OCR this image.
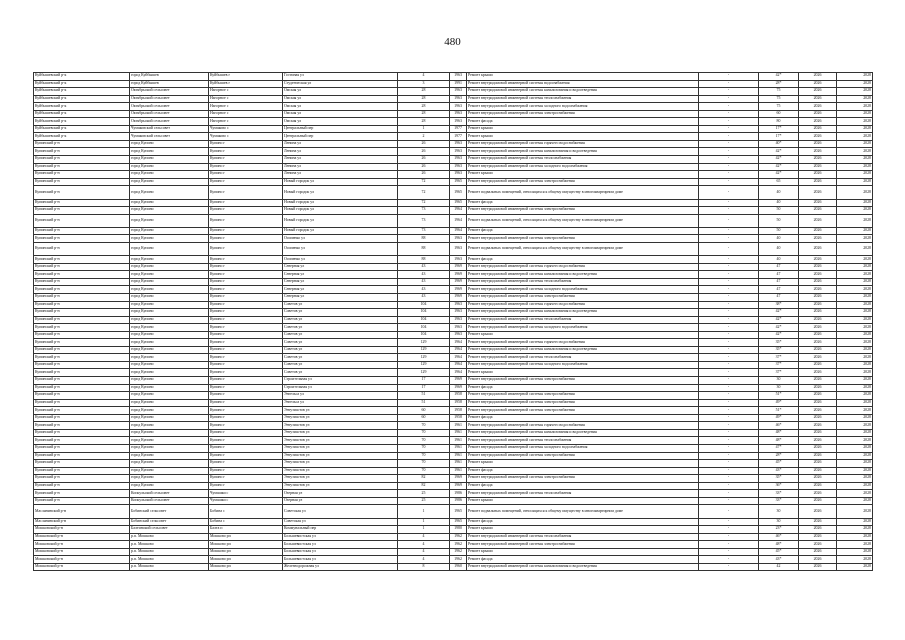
480
Куйбышевский р-к	город Куйбышев	Куйбышев г	Гостиная ул	4	1963	Ремонт крыши	-	42*	2026	2028
Куйбышевский р-к	город Куйбышев	Куйбышев г	Студенческая ул	3	1991	Ремонт внутридомовой инженерной системы водоснабжения	-	28*	2026	2028
Куйбышевский р-к	Октябрьский сельсовет	Нагорное с	Омская ул	28	1963	Ремонт внутридомовой инженерной системы канализования и водоотведения	-	75	2026	2028
Куйбышевский р-к	Октябрьский сельсовет	Нагорное с	Омская ул	28	1963	Ремонт внутридомовой инженерной системы теплоснабжения	-	75	2026	2028
Куйбышевский р-к	Октябрьский сельсовет	Нагорное с	Омская ул	28	1963	Ремонт внутридомовой инженерной системы холодного водоснабжения	-	75	2026	2028
Куйбышевский р-к	Октябрьский сельсовет	Нагорное с	Омская ул	28	1963	Ремонт внутридомовой инженерной системы электроснабжения	-	60	2026	2028
Куйбышевский р-к	Октябрьский сельсовет	Нагорное с	Омская ул	28	1963	Ремонт фасада	-	80	2026	2028
Куйбышевский р-к	Чумаковский сельсовет	Чумаково с	Центральный пер	1	1977	Ремонт крыши	-	17*	2026	2028
Куйбышевский р-к	Чумаковский сельсовет	Чумаково с	Центральный пер	2	1977	Ремонт крыши	-	17*	2026	2028
Купинский р-н	город Купино	Купино г	Ленина ул	26	1963	Ремонт внутридомовой инженерной системы горячего водоснабжения	-	40*	2026	2028
Купинский р-н	город Купино	Купино г	Ленина ул	26	1963	Ремонт внутридомовой инженерной системы канализования и водоотведения	-	42*	2026	2028
Купинский р-н	город Купино	Купино г	Ленина ул	26	1963	Ремонт внутридомовой инженерной системы теплоснабжения	-	42*	2026	2028
Купинский р-н	город Купино	Купино г	Ленина ул	26	1963	Ремонт внутридомовой инженерной системы холодного водоснабжения	-	42*	2026	2028
Купинский р-н	город Купино	Купино г	Ленина ул	26	1963	Ремонт крыши	-	42*	2026	2028
Купинский р-н	город Купино	Купино г	Новый городок ул	72	1965	Ремонт внутридомовой инженерной системы электроснабжения	-	65	2026	2028
Купинский р-н	город Купино	Купино г	Новый городок ул	72	1965	Ремонт подвальных помещений, относящихся к общему имуществу в многоквартирном доме	-	40	2026	2028
Купинский р-н	город Купино	Купино г	Новый городок ул	72	1965	Ремонт фасада	-	40	2026	2028
Купинский р-н	город Купино	Купино г	Новый городок ул	73	1964	Ремонт внутридомовой инженерной системы электроснабжения	-	50	2026	2028
Купинский р-н	город Купино	Купино г	Новый городок ул	73	1964	Ремонт подвальных помещений, относящихся к общему имуществу в многоквартирном доме	-	50	2026	2028
Купинский р-н	город Купино	Купино г	Новый городок ул	73	1964	Ремонт фасада	-	50	2026	2028
Купинский р-н	город Купино	Купино г	Осипенко ул	88	1963	Ремонт внутридомовой инженерной системы электроснабжения	-	40	2026	2028
Купинский р-н	город Купино	Купино г	Осипенко ул	88	1963	Ремонт подвальных помещений, относящихся к общему имуществу в многоквартирном доме	-	40	2026	2028
Купинский р-н	город Купино	Купино г	Осипенко ул	88	1963	Ремонт фасада	-	40	2026	2028
Купинский р-н	город Купино	Купино г	Северная ул	43	1969	Ремонт внутридомовой инженерной системы горячего водоснабжения	-	47	2026	2028
Купинский р-н	город Купино	Купино г	Северная ул	43	1969	Ремонт внутридомовой инженерной системы канализования и водоотведения	-	47	2026	2028
Купинский р-н	город Купино	Купино г	Северная ул	43	1969	Ремонт внутридомовой инженерной системы теплоснабжения	-	47	2026	2028
Купинский р-н	город Купино	Купино г	Северная ул	43	1969	Ремонт внутридомовой инженерной системы холодного водоснабжения	-	47	2026	2028
Купинский р-н	город Купино	Купино г	Северная ул	43	1969	Ремонт внутридомовой инженерной системы электроснабжения	-	47	2026	2028
Купинский р-н	город Купино	Купино г	Советов ул	104	1963	Ремонт внутридомовой инженерной системы горячего водоснабжения	-	38*	2026	2028
Купинский р-н	город Купино	Купино г	Советов ул	104	1963	Ремонт внутридомовой инженерной системы канализования и водоотведения	-	42*	2026	2028
Купинский р-н	город Купино	Купино г	Советов ул	104	1963	Ремонт внутридомовой инженерной системы теплоснабжения	-	42*	2026	2028
Купинский р-н	город Купино	Купино г	Советов ул	104	1963	Ремонт внутридомовой инженерной системы холодного водоснабжения	-	42*	2026	2028
Купинский р-н	город Купино	Купино г	Советов ул	104	1963	Ремонт крыши	-	42*	2026	2028
Купинский р-н	город Купино	Купино г	Советов ул	129	1964	Ремонт внутридомовой инженерной системы горячего водоснабжения	-	35*	2026	2028
Купинский р-н	город Купино	Купино г	Советов ул	129	1964	Ремонт внутридомовой инженерной системы канализования и водоотведения	-	35*	2026	2028
Купинский р-н	город Купино	Купино г	Советов ул	129	1964	Ремонт внутридомовой инженерной системы теплоснабжения	-	37*	2026	2028
Купинский р-н	город Купино	Купино г	Советов ул	129	1964	Ремонт внутридомовой инженерной системы холодного водоснабжения	-	37*	2026	2028
Купинский р-н	город Купино	Купино г	Советов ул	129	1964	Ремонт крыши	-	37*	2026	2028
Купинский р-н	город Купино	Купино г	Строительная ул	17	1969	Ремонт внутридомовой инженерной системы электроснабжения	-	30	2026	2028
Купинский р-н	город Купино	Купино г	Строительная ул	17	1969	Ремонт фасада	-	30	2026	2028
Купинский р-н	город Купино	Купино г	Энгельса ул	51	1958	Ремонт внутридомовой инженерной системы электроснабжения	-	51*	2026	2028
Купинский р-н	город Купино	Купино г	Энгельса ул	51	1958	Ремонт внутридомовой инженерной системы электроснабжения	-	49*	2026	2028
Купинский р-н	город Купино	Купино г	Энтузиастов ул	60	1958	Ремонт внутридомовой инженерной системы электроснабжения	-	51*	2026	2028
Купинский р-н	город Купино	Купино г	Энтузиастов ул	60	1958	Ремонт фасада	-	49*	2026	2028
Купинский р-н	город Купино	Купино г	Энтузиастов ул	70	1961	Ремонт внутридомовой инженерной системы горячего водоснабжения	-	46*	2026	2028
Купинский р-н	город Купино	Купино г	Энтузиастов ул	70	1961	Ремонт внутридомовой инженерной системы канализования и водоотведения	-	48*	2026	2028
Купинский р-н	город Купино	Купино г	Энтузиастов ул	70	1961	Ремонт внутридомовой инженерной системы теплоснабжения	-	48*	2026	2028
Купинский р-н	город Купино	Купино г	Энтузиастов ул	70	1961	Ремонт внутридомовой инженерной системы холодного водоснабжения	-	47*	2026	2028
Купинский р-н	город Купино	Купино г	Энтузиастов ул	70	1961	Ремонт внутридомовой инженерной системы электроснабжения	-	28*	2026	2028
Купинский р-н	город Купино	Купино г	Энтузиастов ул	70	1961	Ремонт крыши	-	45*	2026	2028
Купинский р-н	город Купино	Купино г	Энтузиастов ул	70	1961	Ремонт фасада	-	43*	2026	2028
Купинский р-н	город Купино	Купино г	Энтузиастов ул	82	1969	Ремонт внутридомовой инженерной системы электроснабжения	-	35*	2026	2028
Купинский р-н	город Купино	Купино г	Энтузиастов ул	82	1969	Ремонт фасада	-	36*	2026	2028
Купинский р-н	Копкульский сельсовет	Чумашки с	Озерная ул	25	1986	Ремонт внутридомовой инженерной системы теплоснабжения	-	33*	2026	2028
Купинский р-н	Копкульский сельсовет	Чумашки с	Озерная ул	25	1986	Ремонт крыши	-	33*	2026	2028
Маслянинский р-н	Бобинский сельсовет	Бобина с	Советская ул	1	1965	Ремонт подвальных помещений, относящихся к общему имуществу в многоквартирном доме	-	30	2026	2028
Маслянинский р-н	Бобинский сельсовет	Бобина с	Советская ул	1	1965	Ремонт фасада	-	30	2026	2028
Мошковский р-н	Балтинский сельсовет	Балта п	Коммунальный пер	1	1980	Ремонт крыши	-	23*	2026	2028
Мошковский р-н	р.п. Мошково	Мошково рп	Большевистская ул	4	1962	Ремонт внутридомовой инженерной системы теплоснабжения	-	46*	2026	2028
Мошковский р-н	р.п. Мошково	Мошково рп	Большевистская ул	4	1962	Ремонт внутридомовой инженерной системы электроснабжения	-	48*	2026	2028
Мошковский р-н	р.п. Мошково	Мошково рп	Большевистская ул	4	1962	Ремонт крыши	-	45*	2026	2028
Мошковский р-н	р.п. Мошково	Мошково рп	Большевистская ул	4	1962	Ремонт фасада	-	43*	2026	2028
Мошковский р-н	р.п. Мошково	Мошково рп	Железнодорожная ул	8	1960	Ремонт внутридомовой инженерной системы канализования и водоотведения	-	42	2026	2028
